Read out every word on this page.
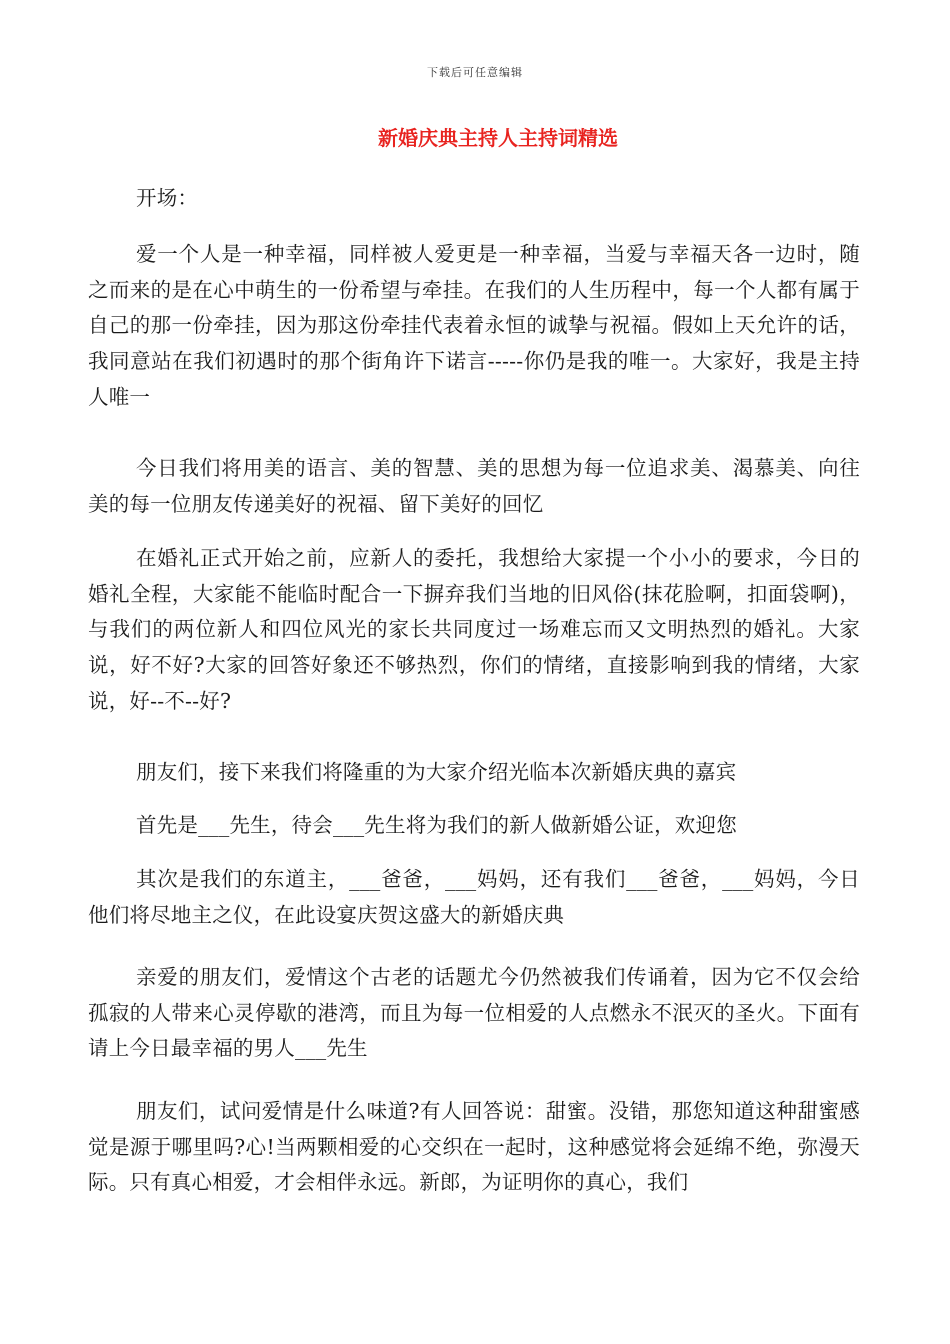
下载后可任意编辑
新婚庆典主持人主持词精选

开场：

爱一个人是一种幸福，同样被人爱更是一种幸福，当爱与幸福天各一边时，随之而来的是在心中萌生的一份希望与牵挂。在我们的人生历程中，每一个人都有属于自己的那一份牵挂，因为那这份牵挂代表着永恒的诚挚与祝福。假如上天允许的话，我同意站在我们初遇时的那个街角许下诺言-----你仍是我的唯一。大家好，我是主持人唯一

今日我们将用美的语言、美的智慧、美的思想为每一位追求美、渴慕美、向往美的每一位朋友传递美好的祝福、留下美好的回忆

在婚礼正式开始之前，应新人的委托，我想给大家提一个小小的要求，今日的婚礼全程，大家能不能临时配合一下摒弃我们当地的旧风俗(抹花脸啊，扣面袋啊)，与我们的两位新人和四位风光的家长共同度过一场难忘而又文明热烈的婚礼。大家说，好不好?大家的回答好象还不够热烈，你们的情绪，直接影响到我的情绪，大家说，好--不--好?

朋友们，接下来我们将隆重的为大家介绍光临本次新婚庆典的嘉宾

首先是___先生，待会___先生将为我们的新人做新婚公证，欢迎您

其次是我们的东道主，___爸爸，___妈妈，还有我们___爸爸，___妈妈，今日他们将尽地主之仪，在此设宴庆贺这盛大的新婚庆典

亲爱的朋友们，爱情这个古老的话题尤今仍然被我们传诵着，因为它不仅会给孤寂的人带来心灵停歇的港湾，而且为每一位相爱的人点燃永不泯灭的圣火。下面有请上今日最幸福的男人___先生

朋友们，试问爱情是什么味道?有人回答说：甜蜜。没错，那您知道这种甜蜜感觉是源于哪里吗?心!当两颗相爱的心交织在一起时，这种感觉将会延绵不绝，弥漫天际。只有真心相爱，才会相伴永远。新郎，为证明你的真心，我们
